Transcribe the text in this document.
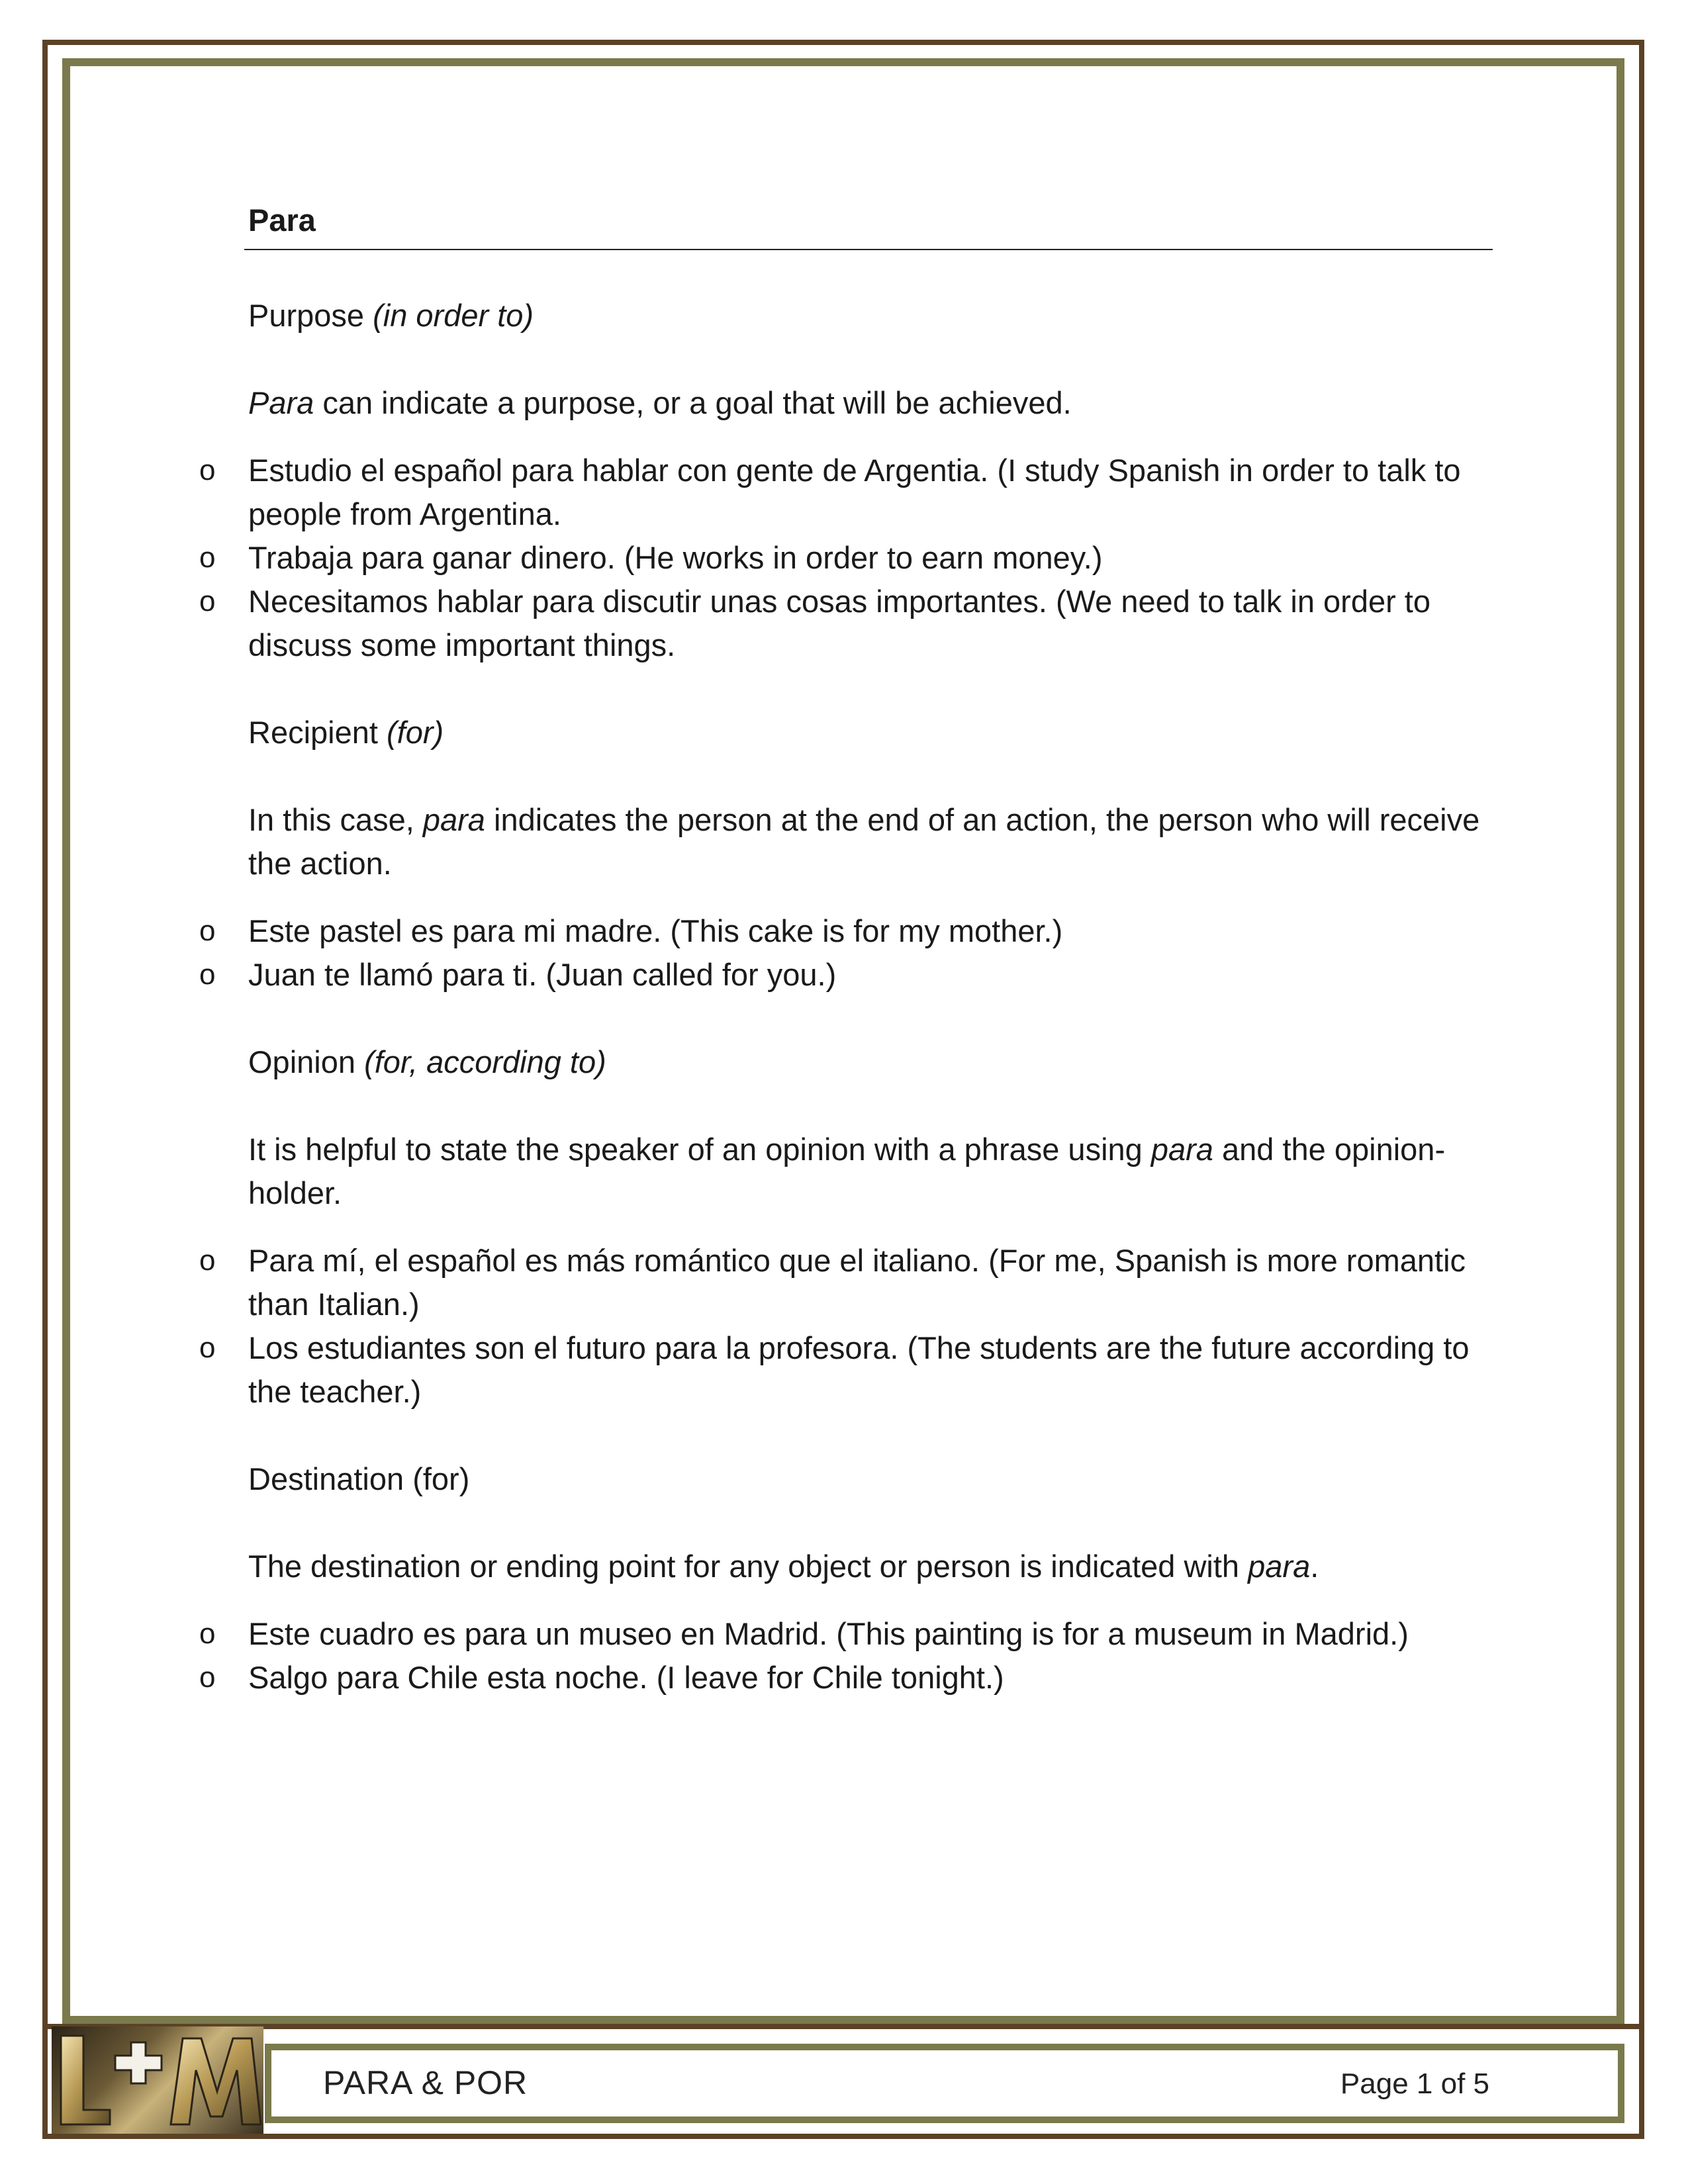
Para
Purpose (in order to)
Para can indicate a purpose, or a goal that will be achieved.
o Estudio el español para hablar con gente de Argentia. (I study Spanish in order to talk to people from Argentina.
o Trabaja para ganar dinero. (He works in order to earn money.)
o Necesitamos hablar para discutir unas cosas importantes. (We need to talk in order to discuss some important things.
Recipient (for)
In this case, para indicates the person at the end of an action, the person who will receive the action.
o Este pastel es para mi madre. (This cake is for my mother.)
o Juan te llamó para ti. (Juan called for you.)
Opinion (for, according to)
It is helpful to state the speaker of an opinion with a phrase using para and the opinion-holder.
o Para mí, el español es más romántico que el italiano. (For me, Spanish is more romantic than Italian.)
o Los estudiantes son el futuro para la profesora. (The students are the future according to the teacher.)
Destination (for)
The destination or ending point for any object or person is indicated with para.
o Este cuadro es para un museo en Madrid. (This painting is for a museum in Madrid.)
o Salgo para Chile esta noche. (I leave for Chile tonight.)
PARA & POR	Page 1 of 5
